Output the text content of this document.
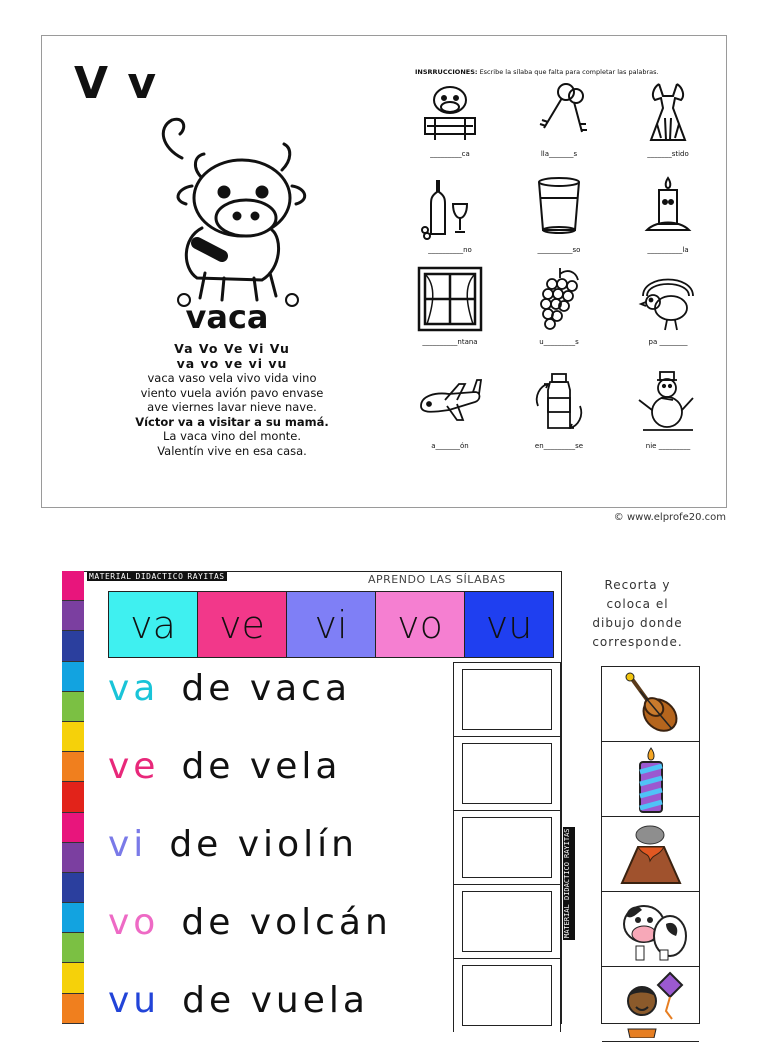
V v
vaca
Va Vo Ve Vi Vu
va vo ve vi vu
vaca vaso vela vivo vida vino
viento vuela avión pavo envase
ave viernes lavar nieve nave.
Víctor va a visitar a su mamá.
La vaca vino del monte.
Valentín vive en esa casa.
INSRRUCCIONES: Escribe la sílaba que falta para completar las palabras.
_________ca	lla_______s	_______stido
__________no	__________so	__________la
__________ntana	u_________s	pa ________
a_______ón	en_________se	nie _________
© www.elprofe20.com
MATERIAL DIDACTICO RAYITAS	APRENDO LAS SÍLABAS
va	ve	vi	vo	vu
va de vaca
ve de vela
vi de violín
vo de volcán
vu de vuela
MATERIAL
DIDACTICO
RAYITAS
Recorta y coloca el dibujo donde corresponde.
